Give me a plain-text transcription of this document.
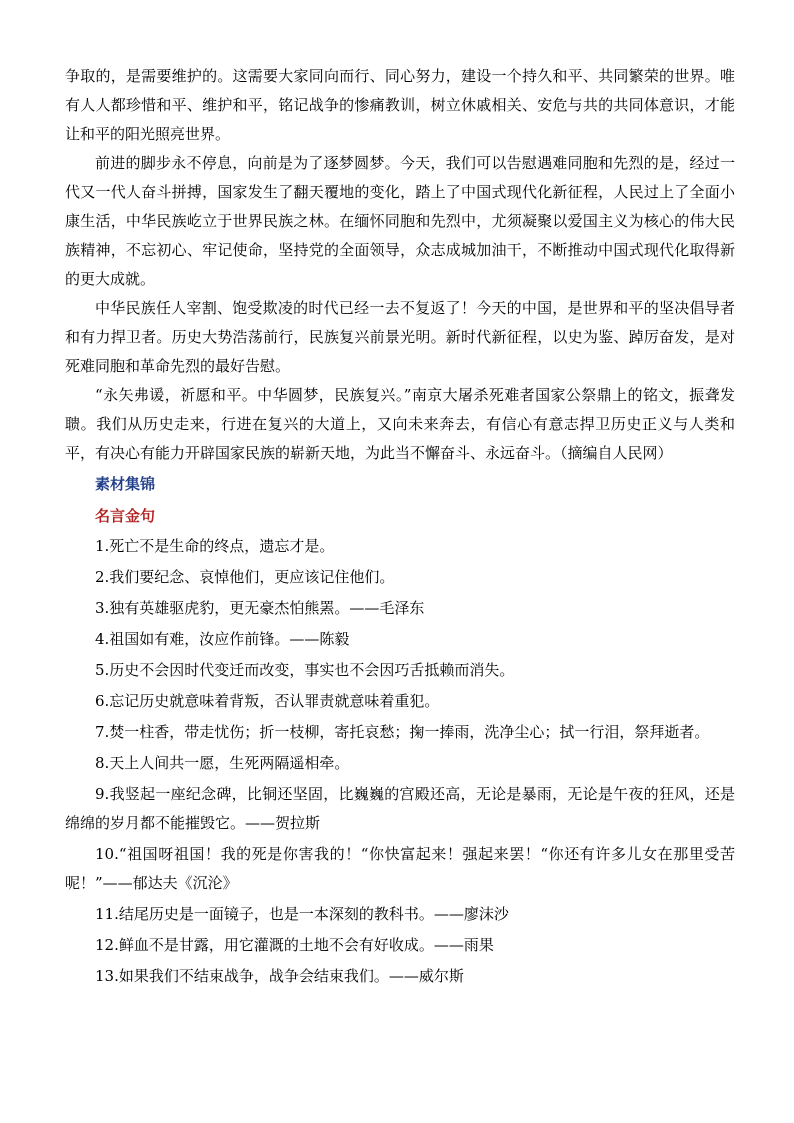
争取的，是需要维护的。这需要大家同向而行、同心努力，建设一个持久和平、共同繁荣的世界。唯有人人都珍惜和平、维护和平，铭记战争的惨痛教训，树立休戚相关、安危与共的共同体意识，才能让和平的阳光照亮世界。

前进的脚步永不停息，向前是为了逐梦圆梦。今天，我们可以告慰遇难同胞和先烈的是，经过一代又一代人奋斗拼搏，国家发生了翻天覆地的变化，踏上了中国式现代化新征程，人民过上了全面小康生活，中华民族屹立于世界民族之林。在缅怀同胞和先烈中，尤须凝聚以爱国主义为核心的伟大民族精神，不忘初心、牢记使命，坚持党的全面领导，众志成城加油干，不断推动中国式现代化取得新的更大成就。

中华民族任人宰割、饱受欺凌的时代已经一去不复返了！今天的中国，是世界和平的坚决倡导者和有力捍卫者。历史大势浩荡前行，民族复兴前景光明。新时代新征程，以史为鉴、踔厉奋发，是对死难同胞和革命先烈的最好告慰。

“永矢弗谖，祈愿和平。中华圆梦，民族复兴。”南京大屠杀死难者国家公祭鼎上的铭文，振聋发聩。我们从历史走来，行进在复兴的大道上，又向未来奔去，有信心有意志捍卫历史正义与人类和平，有决心有能力开辟国家民族的崭新天地，为此当不懈奋斗、永远奋斗。（摘编自人民网）

素材集锦
名言金句

1.死亡不是生命的终点，遗忘才是。

2.我们要纪念、哀悼他们，更应该记住他们。

3.独有英雄驱虎豹，更无豪杰怕熊罴。——毛泽东

4.祖国如有难，汝应作前锋。——陈毅

5.历史不会因时代变迁而改变，事实也不会因巧舌抵赖而消失。

6.忘记历史就意味着背叛，否认罪责就意味着重犯。

7.焚一柱香，带走忧伤；折一枝柳，寄托哀愁；掬一捧雨，洗净尘心；拭一行泪，祭拜逝者。

8.天上人间共一愿，生死两隔遥相牵。

9.我竖起一座纪念碑，比铜还坚固，比巍巍的宫殿还高，无论是暴雨，无论是午夜的狂风，还是绵绵的岁月都不能摧毁它。——贺拉斯

10.“祖国呀祖国！我的死是你害我的！“你快富起来！强起来罢！“你还有许多儿女在那里受苦呢！”——郁达夫《沉沦》

11.结尾历史是一面镜子，也是一本深刻的教科书。——廖沫沙

12.鲜血不是甘露，用它灌溉的土地不会有好收成。——雨果

13.如果我们不结束战争，战争会结束我们。——威尔斯
